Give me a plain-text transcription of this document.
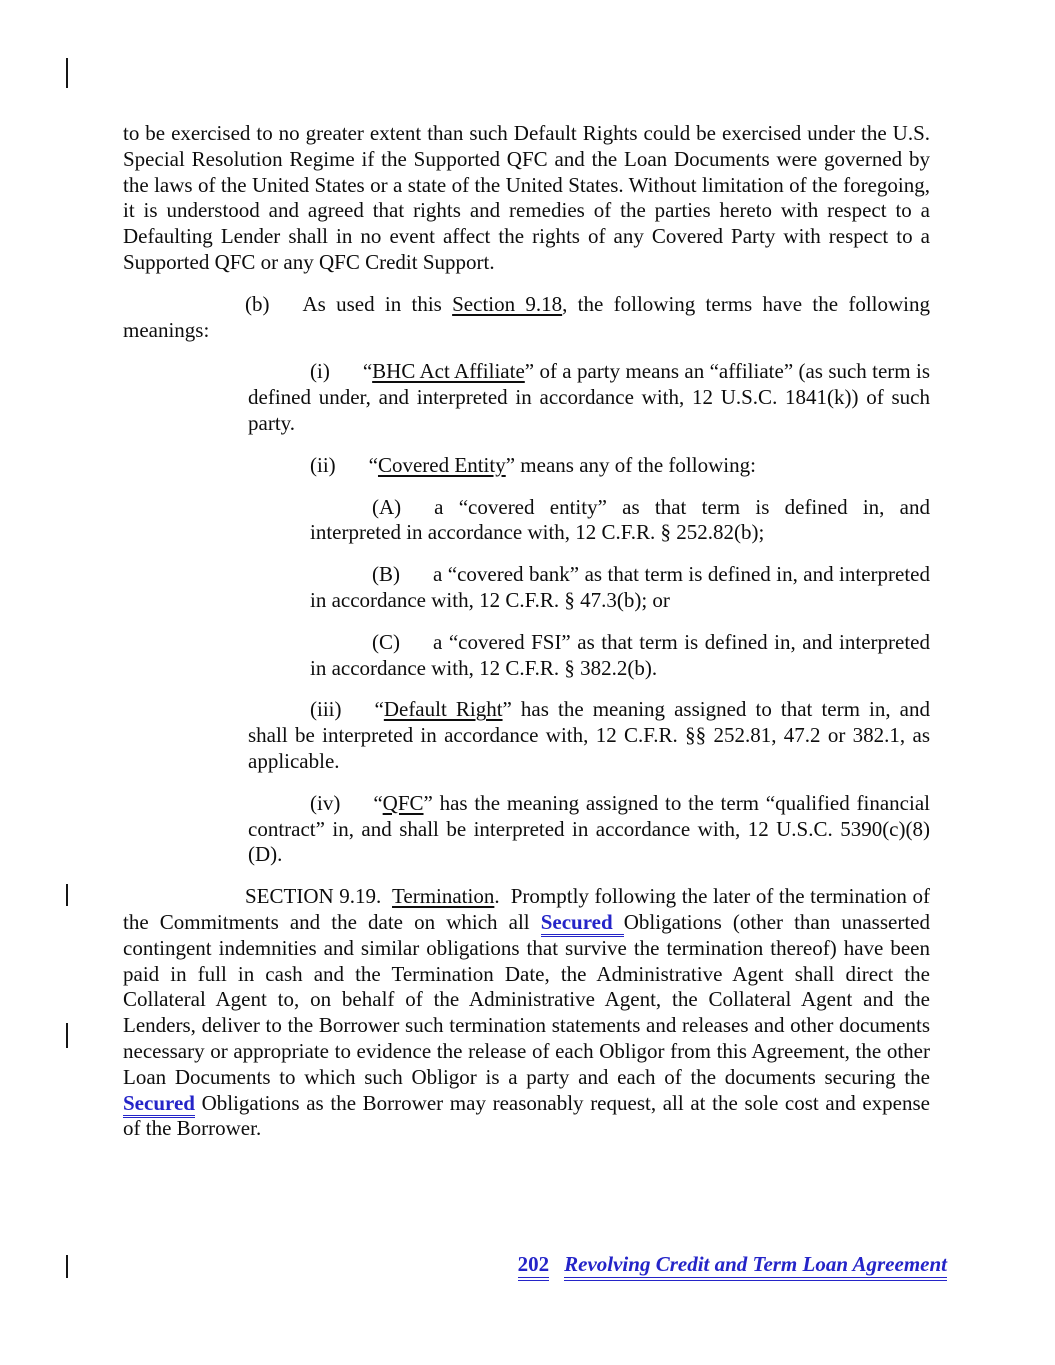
to be exercised to no greater extent than such Default Rights could be exercised under the U.S. Special Resolution Regime if the Supported QFC and the Loan Documents were governed by the laws of the United States or a state of the United States. Without limitation of the foregoing, it is understood and agreed that rights and remedies of the parties hereto with respect to a Defaulting Lender shall in no event affect the rights of any Covered Party with respect to a Supported QFC or any QFC Credit Support.

(b) As used in this Section 9.18, the following terms have the following meanings:

(i) “BHC Act Affiliate” of a party means an “affiliate” (as such term is defined under, and interpreted in accordance with, 12 U.S.C. 1841(k)) of such party.

(ii) “Covered Entity” means any of the following:

(A) a “covered entity” as that term is defined in, and interpreted in accordance with, 12 C.F.R. § 252.82(b);

(B) a “covered bank” as that term is defined in, and interpreted in accordance with, 12 C.F.R. § 47.3(b); or

(C) a “covered FSI” as that term is defined in, and interpreted in accordance with, 12 C.F.R. § 382.2(b).

(iii) “Default Right” has the meaning assigned to that term in, and shall be interpreted in accordance with, 12 C.F.R. §§ 252.81, 47.2 or 382.1, as applicable.

(iv) “QFC” has the meaning assigned to the term “qualified financial contract” in, and shall be interpreted in accordance with, 12 U.S.C. 5390(c)(8)(D).

SECTION 9.19.  Termination.  Promptly following the later of the termination of the Commitments and the date on which all Secured Obligations (other than unasserted contingent indemnities and similar obligations that survive the termination thereof) have been paid in full in cash and the Termination Date, the Administrative Agent shall direct the Collateral Agent to, on behalf of the Administrative Agent, the Collateral Agent and the Lenders, deliver to the Borrower such termination statements and releases and other documents necessary or appropriate to evidence the release of each Obligor from this Agreement, the other Loan Documents to which such Obligor is a party and each of the documents securing the Secured Obligations as the Borrower may reasonably request, all at the sole cost and expense of the Borrower.

202 Revolving Credit and Term Loan Agreement
